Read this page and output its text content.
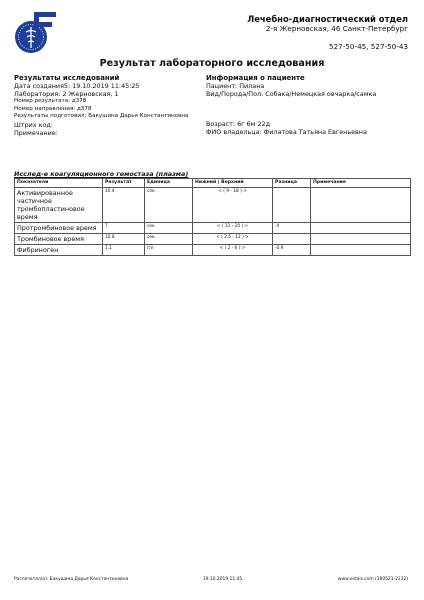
Лечебно-диагностический отдел
2-я Жерновская, 46 Санкт-Петербург
527-50-45, 527-50-43
Результат лабораторного исследования
Результаты исследований
Дата создания5: 19.10.2019 11:45:25
Лаборатория: 2 Жерновская, 1
Номер результата: д378
Номер направления: д378
Результаты подготовил: Бакушина Дарья Константиновна
Штрих код:
Примечание:
Информация о пациенте
Пациент: Пилана
Вид/Порода/Пол: Собака/Немецкая овчарка/самка
Возраст: 6г 6м 22д
ФИО владельца: Филатова Татьяна Евгеньевна
Исслед-е коагуляционного гемостаза (плазма)
Показатели	Результат	Единица	Нижний | Верхний	Разница	Примечание
Активированное частичное тромбопластиновое время	10.4	сек.	< ( 9 - 18 ) >		
Протромбиновое время	7	сек.	< ( 11 - 20 ) >	-4	
Тромбиновое время	10.8	сек.	< ( 2.5 - 12 ) >		
Фибриноген	1.1	г/л	< ( 2 - 6 ) >	-0.9	
Распечатал(а): Бакушина Дарья Константиновна	19.10.2019 11:45	www.vetais.com (180521-2232)
